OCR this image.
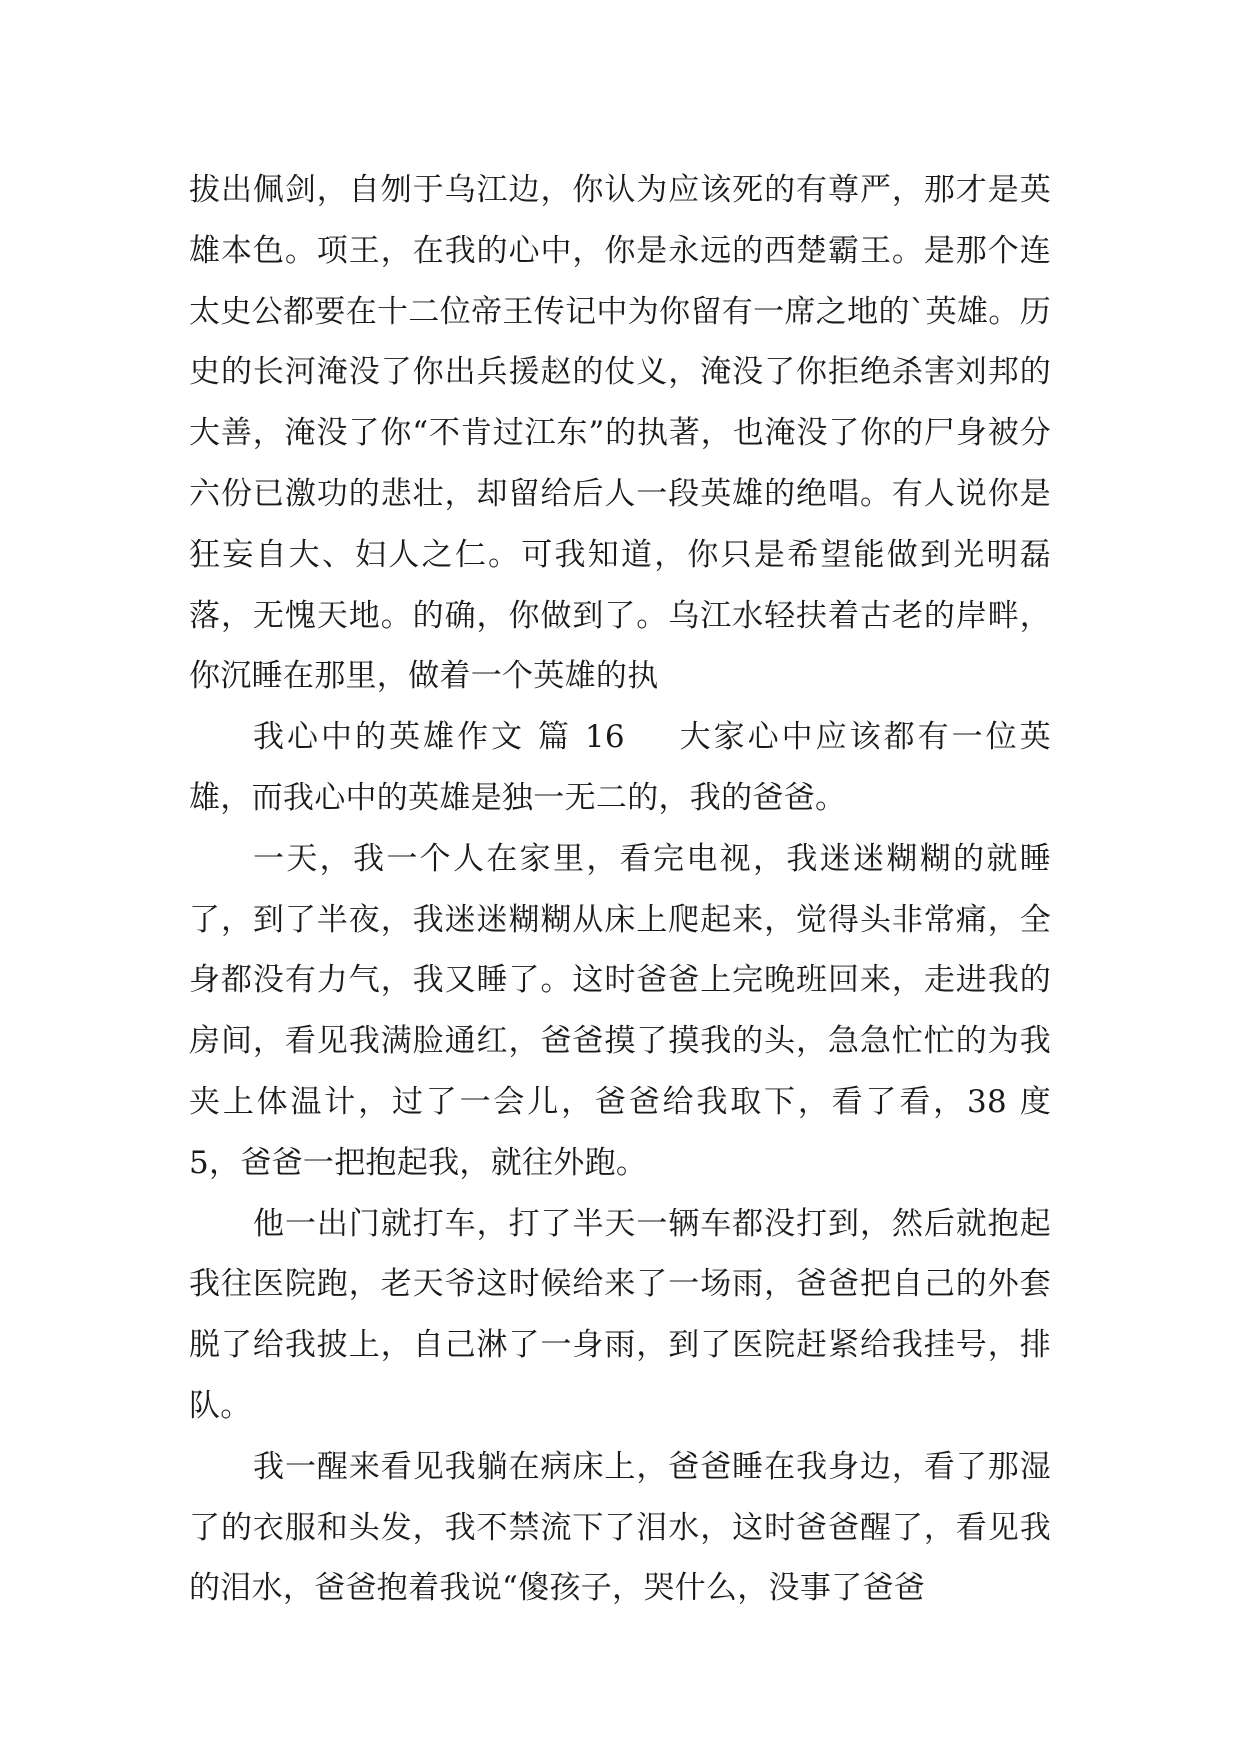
拔出佩剑，自刎于乌江边，你认为应该死的有尊严，那才是英雄本色。项王，在我的心中，你是永远的西楚霸王。是那个连太史公都要在十二位帝王传记中为你留有一席之地的`英雄。历史的长河淹没了你出兵援赵的仗义，淹没了你拒绝杀害刘邦的大善，淹没了你“不肯过江东”的执著，也淹没了你的尸身被分六份已激功的悲壮，却留给后人一段英雄的绝唱。有人说你是狂妄自大、妇人之仁。可我知道，你只是希望能做到光明磊落，无愧天地。的确，你做到了。乌江水轻扶着古老的岸畔，你沉睡在那里，做着一个英雄的执

我心中的英雄作文 篇 16 大家心中应该都有一位英雄，而我心中的英雄是独一无二的，我的爸爸。

一天，我一个人在家里，看完电视，我迷迷糊糊的就睡了，到了半夜，我迷迷糊糊从床上爬起来，觉得头非常痛，全身都没有力气，我又睡了。这时爸爸上完晚班回来，走进我的房间，看见我满脸通红，爸爸摸了摸我的头，急急忙忙的为我夹上体温计，过了一会儿，爸爸给我取下，看了看，38 度 5，爸爸一把抱起我，就往外跑。

他一出门就打车，打了半天一辆车都没打到，然后就抱起我往医院跑，老天爷这时候给来了一场雨，爸爸把自己的外套脱了给我披上，自己淋了一身雨，到了医院赶紧给我挂号，排队。

我一醒来看见我躺在病床上，爸爸睡在我身边，看了那湿了的衣服和头发，我不禁流下了泪水，这时爸爸醒了，看见我的泪水，爸爸抱着我说“傻孩子，哭什么，没事了爸爸
